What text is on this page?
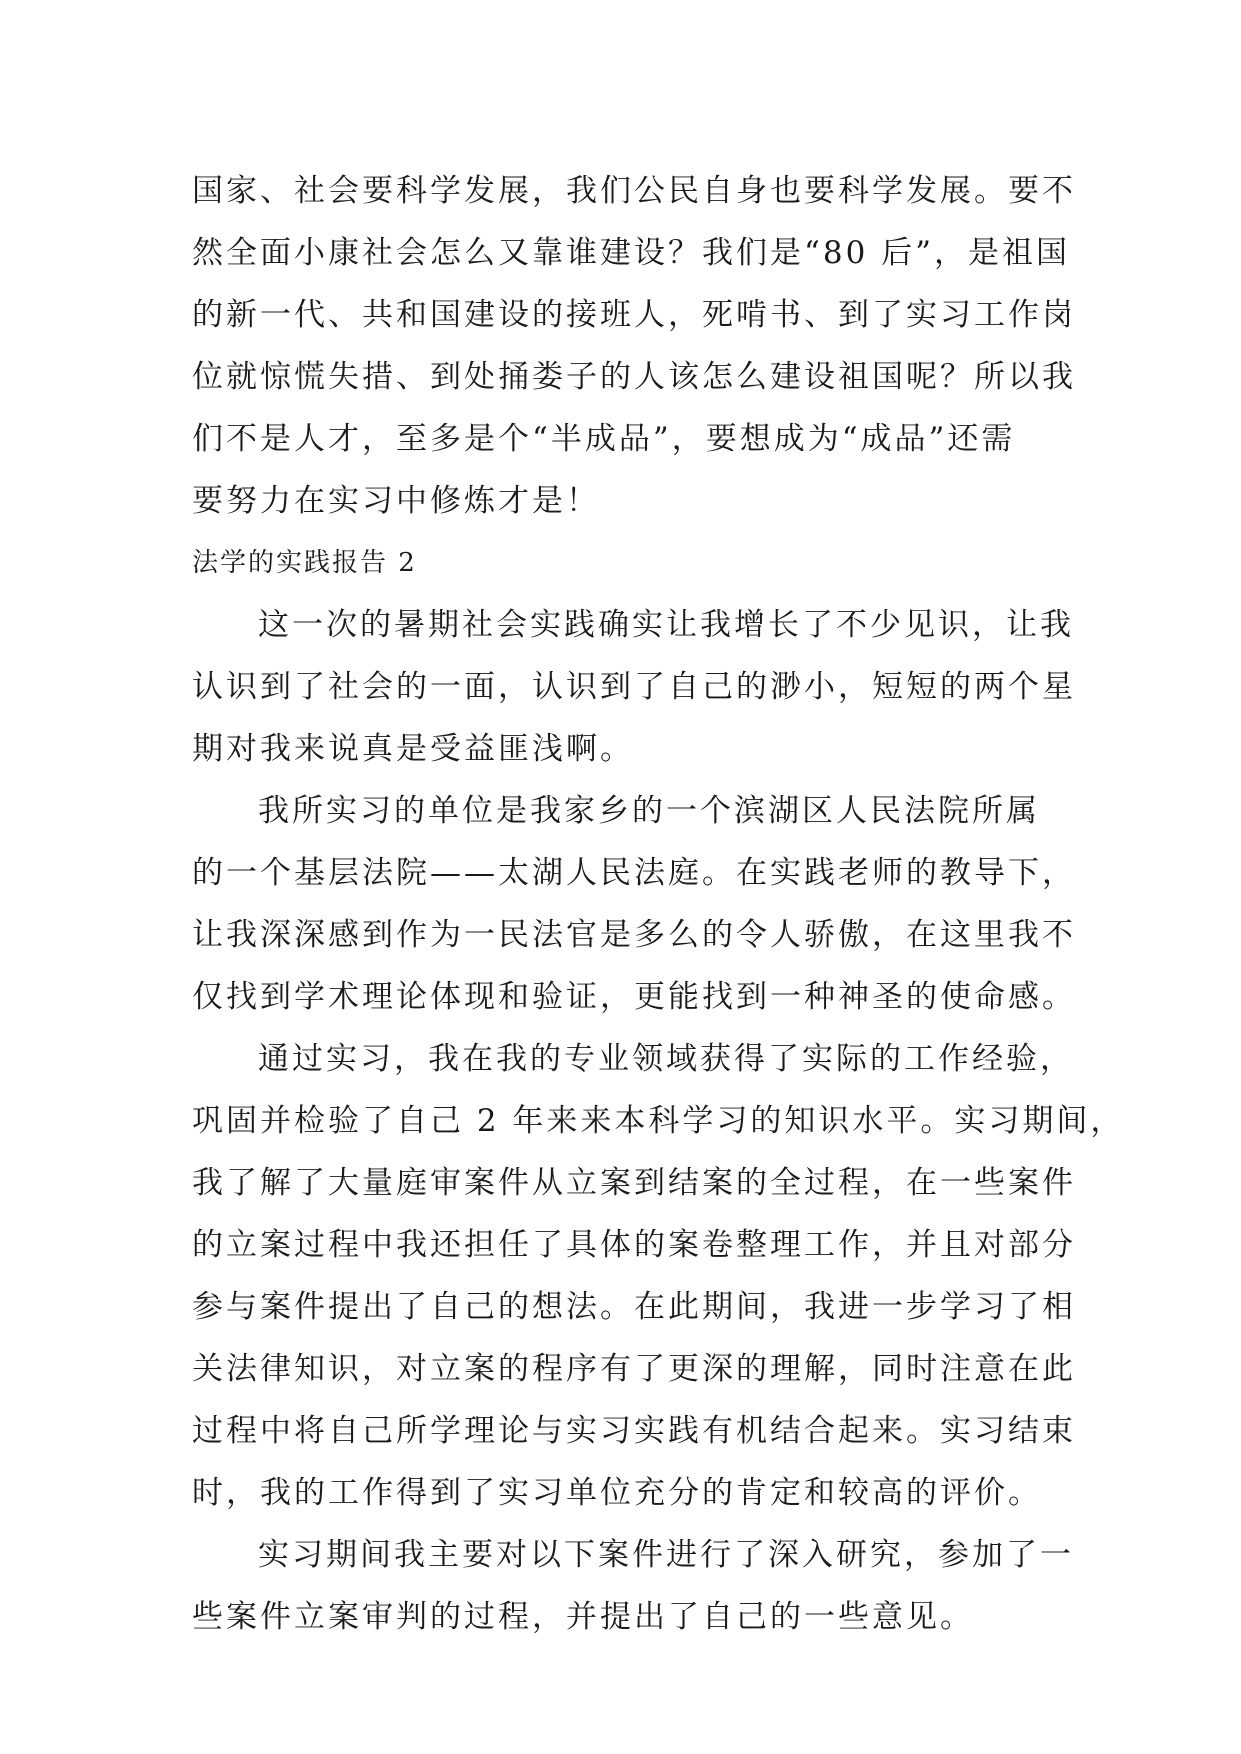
国家、社会要科学发展，我们公民自身也要科学发展。要不
然全面小康社会怎么又靠谁建设？我们是“80 后”，是祖国
的新一代、共和国建设的接班人，死啃书、到了实习工作岗
位就惊慌失措、到处捅娄子的人该怎么建设祖国呢？所以我
们不是人才，至多是个“半成品”，要想成为“成品”还需
要努力在实习中修炼才是！
法学的实践报告 2
这一次的暑期社会实践确实让我增长了不少见识，让我
认识到了社会的一面，认识到了自己的渺小，短短的两个星
期对我来说真是受益匪浅啊。
我所实习的单位是我家乡的一个滨湖区人民法院所属
的一个基层法院——太湖人民法庭。在实践老师的教导下，
让我深深感到作为一民法官是多么的令人骄傲，在这里我不
仅找到学术理论体现和验证，更能找到一种神圣的使命感。
通过实习，我在我的专业领域获得了实际的工作经验，
巩固并检验了自己 2 年来来本科学习的知识水平。实习期间，
我了解了大量庭审案件从立案到结案的全过程，在一些案件
的立案过程中我还担任了具体的案卷整理工作，并且对部分
参与案件提出了自己的想法。在此期间，我进一步学习了相
关法律知识，对立案的程序有了更深的理解，同时注意在此
过程中将自己所学理论与实习实践有机结合起来。实习结束
时，我的工作得到了实习单位充分的肯定和较高的评价。
实习期间我主要对以下案件进行了深入研究，参加了一
些案件立案审判的过程，并提出了自己的一些意见。
